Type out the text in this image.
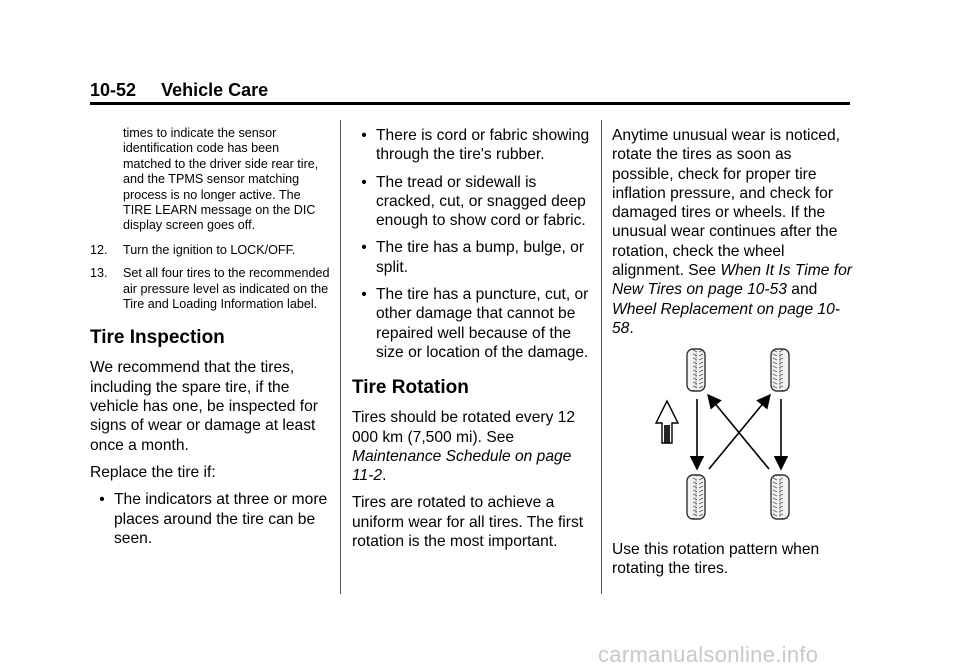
10-52 Vehicle Care

times to indicate the sensor identification code has been matched to the driver side rear tire, and the TPMS sensor matching process is no longer active. The TIRE LEARN message on the DIC display screen goes off.

12.	Turn the ignition to LOCK/OFF.
13.	Set all four tires to the recommended air pressure level as indicated on the Tire and Loading Information label.

Tire Inspection

We recommend that the tires, including the spare tire, if the vehicle has one, be inspected for signs of wear or damage at least once a month.

Replace the tire if:

• The indicators at three or more places around the tire can be seen.
• There is cord or fabric showing through the tire's rubber.
• The tread or sidewall is cracked, cut, or snagged deep enough to show cord or fabric.
• The tire has a bump, bulge, or split.
• The tire has a puncture, cut, or other damage that cannot be repaired well because of the size or location of the damage.

Tire Rotation

Tires should be rotated every 12 000 km (7,500 mi). See Maintenance Schedule on page 11-2.

Tires are rotated to achieve a uniform wear for all tires. The first rotation is the most important.

Anytime unusual wear is noticed, rotate the tires as soon as possible, check for proper tire inflation pressure, and check for damaged tires or wheels. If the unusual wear continues after the rotation, check the wheel alignment. See When It Is Time for New Tires on page 10-53 and Wheel Replacement on page 10-58.

Use this rotation pattern when rotating the tires.

carmanualsonline.info
